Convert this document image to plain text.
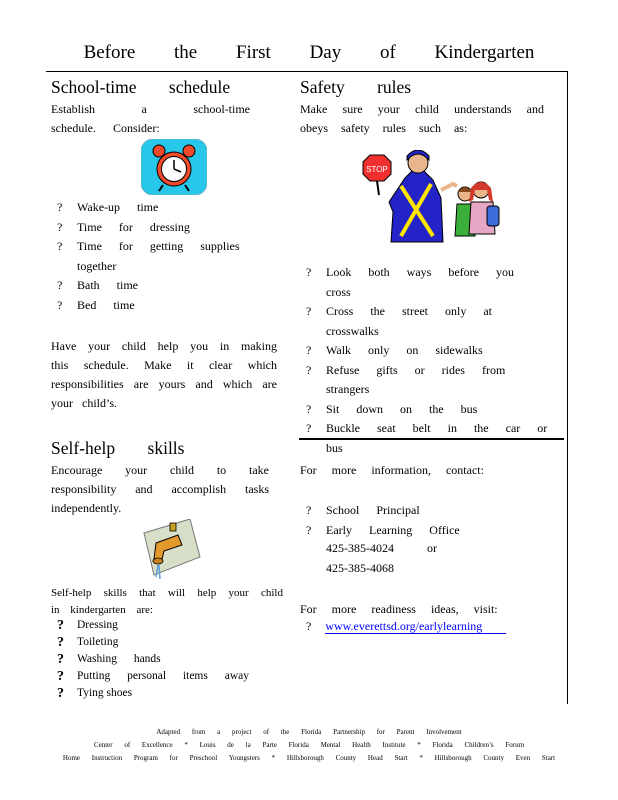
Before the First Day of Kindergarten
School-time schedule
Establish a school-time schedule. Consider:
? Wake-up time
? Time for dressing
? Time for getting supplies together
? Bath time
? Bed time
Have your child help you in making this schedule. Make it clear which responsibilities are yours and which are your child’s.
Safety rules
Make sure your child understands and obeys safety rules such as:
STOP
? Look both ways before you cross
? Cross the street only at crosswalks
? Walk only on sidewalks
? Refuse gifts or rides from strangers
? Sit down on the bus
? Buckle seat belt in the car or bus
Self-help skills
Encourage your child to take responsibility and accomplish tasks independently.
Self-help skills that will help your child in kindergarten are:
? Dressing
? Toileting
? Washing hands
? Putting personal items away
? Tying shoes
For more information, contact:
? School Principal
? Early Learning Office
425-385-4024	or
425-385-4068
For more readiness ideas, visit:
? www.everettsd.org/earlylearning
Adapted from a project of the Florida Partnership for Parent Involvement
Center of Excellence * Louis de la Parte Florida Mental Health Institute * Florida Children’s Forum
Home Instruction Program for Preschool Youngsters * Hillsborough County Head Start * Hillsborough County Even Start
